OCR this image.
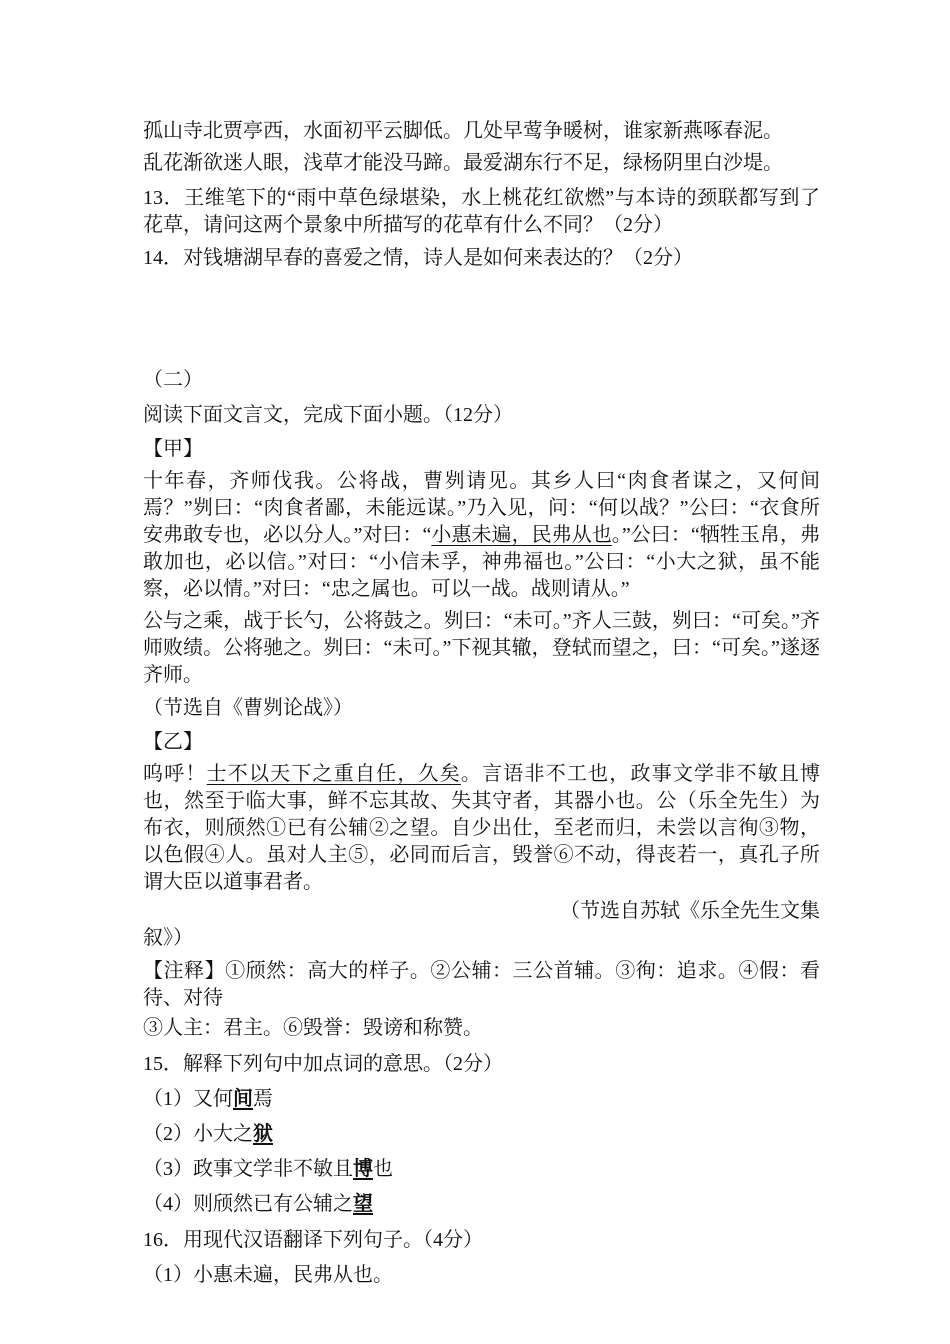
孤山寺北贾亭西，水面初平云脚低。几处早莺争暖树，谁家新燕啄春泥。
乱花渐欲迷人眼，浅草才能没马蹄。最爱湖东行不足，绿杨阴里白沙堤。
13．王维笔下的“雨中草色绿堪染，水上桃花红欲燃”与本诗的颈联都写到了花草，请问这两个景象中所描写的花草有什么不同？（2分）
14．对钱塘湖早春的喜爱之情，诗人是如何来表达的？（2分）
（二）
阅读下面文言文，完成下面小题。（12分）
【甲】
十年春，齐师伐我。公将战，曹刿请见。其乡人曰“肉食者谋之，又何间焉？”刿曰：“肉食者鄙，未能远谋。”乃入见，问：“何以战？”公曰：“衣食所安弗敢专也，必以分人。”对曰：“小惠未遍，民弗从也。”公曰：“牺牲玉帛，弗敢加也，必以信。”对曰：“小信未孚，神弗福也。”公曰：“小大之狱，虽不能察，必以情。”对曰：“忠之属也。可以一战。战则请从。”
公与之乘，战于长勺，公将鼓之。刿曰：“未可。”齐人三鼓，刿曰：“可矣。”齐师败绩。公将驰之。刿曰：“未可。”下视其辙，登轼而望之，曰：“可矣。”遂逐齐师。
（节选自《曹刿论战》）
【乙】
呜呼！士不以天下之重自任，久矣。言语非不工也，政事文学非不敏且博也，然至于临大事，鲜不忘其故、失其守者，其器小也。公（乐全先生）为布衣，则颀然①已有公辅②之望。自少出仕，至老而归，未尝以言徇③物，以色假④人。虽对人主⑤，必同而后言，毁誉⑥不动，得丧若一，真孔子所谓大臣以道事君者。
（节选自苏轼《乐全先生文集
叙》）
【注释】①颀然：高大的样子。②公辅：三公首辅。③徇：追求。④假：看待、对待
③人主：君主。⑥毁誉：毁谤和称赞。
15．解释下列句中加点词的意思。（2分）
（1）又何间焉
（2）小大之狱
（3）政事文学非不敏且博也
（4）则颀然已有公辅之望
16．用现代汉语翻译下列句子。（4分）
（1）小惠未遍，民弗从也。
